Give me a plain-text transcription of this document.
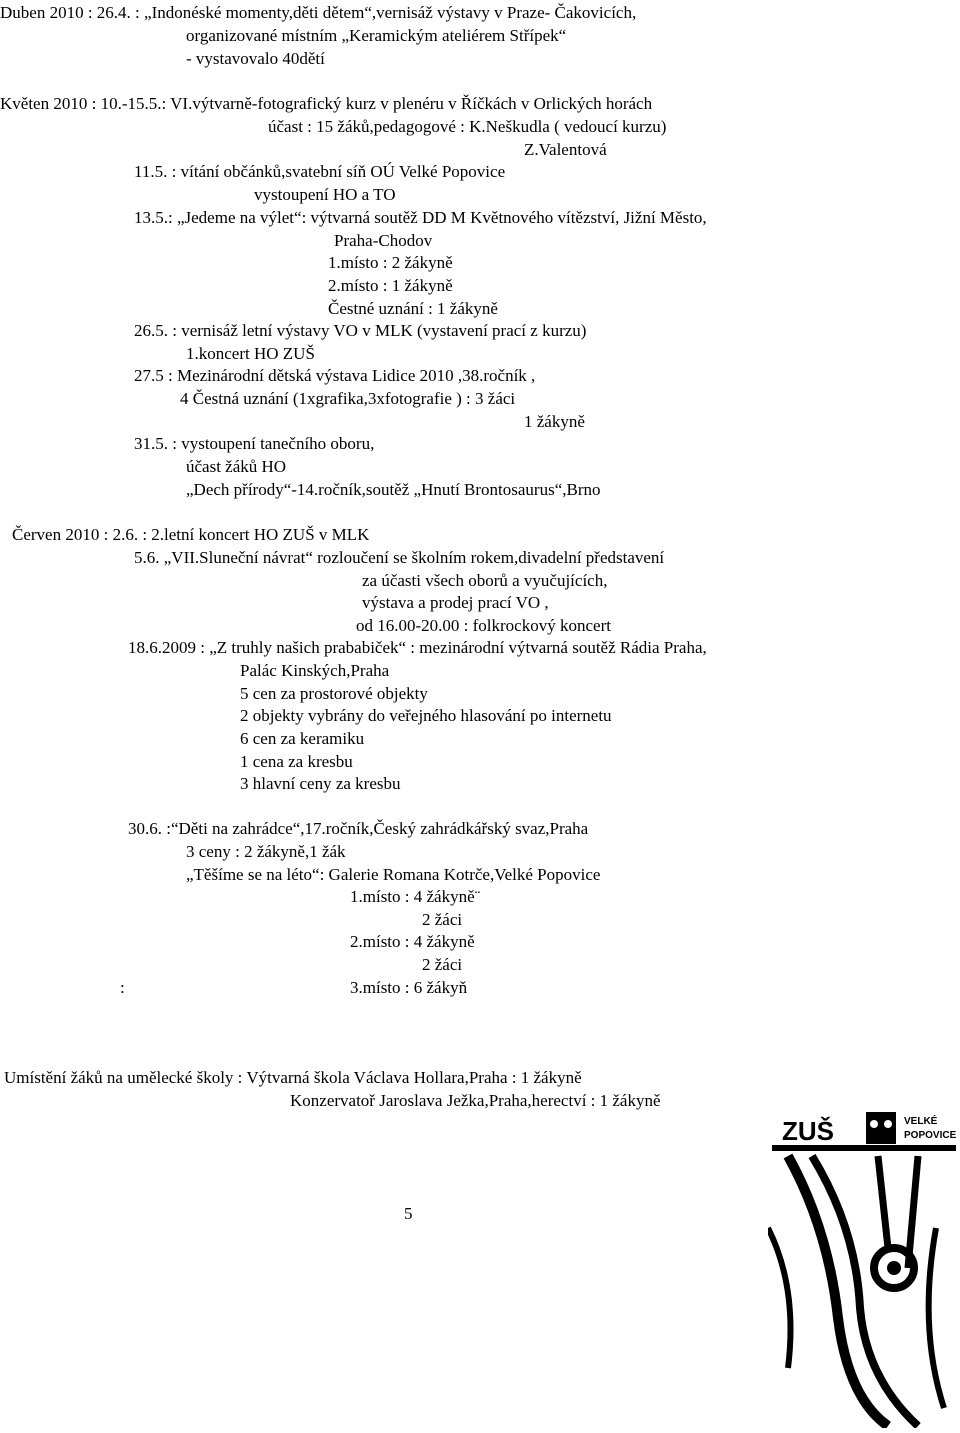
Duben 2010 : 26.4. : „Indonéské momenty,děti dětem“,vernisáž výstavy v Praze- Čakovicích,
organizované místním „Keramickým ateliérem Střípek“
- vystavovalo 40dětí
Květen 2010 : 10.-15.5.: VI.výtvarně-fotografický kurz v plenéru v Říčkách v Orlických horách
účast : 15 žáků,pedagogové : K.Neškudla ( vedoucí kurzu)
Z.Valentová
11.5. : vítání občánků,svatební síň OÚ Velké Popovice
vystoupení HO a TO
13.5.: „Jedeme na výlet“: výtvarná soutěž DD M Květnového vítězství, Jižní Město,
Praha-Chodov
1.místo : 2 žákyně
2.místo : 1 žákyně
Čestné uznání : 1 žákyně
26.5. : vernisáž letní výstavy VO v MLK (vystavení prací z kurzu)
1.koncert HO ZUŠ
27.5 : Mezinárodní dětská výstava Lidice 2010 ,38.ročník ,
4 Čestná uznání (1xgrafika,3xfotografie ) : 3 žáci
1 žákyně
31.5. : vystoupení tanečního oboru,
účast žáků HO
„Dech přírody“-14.ročník,soutěž „Hnutí Brontosaurus“,Brno
Červen 2010 : 2.6. : 2.letní koncert HO ZUŠ v MLK
5.6. „VII.Sluneční návrat“ rozloučení se školním rokem,divadelní představení
za účasti všech oborů a vyučujících,
výstava a prodej prací VO ,
od 16.00-20.00 : folkrockový koncert
18.6.2009 : „Z truhly našich prababiček“ : mezinárodní výtvarná soutěž Rádia Praha,
Palác Kinských,Praha
5 cen za prostorové objekty
2 objekty vybrány do veřejného hlasování po internetu
6 cen za keramiku
1 cena za kresbu
3 hlavní ceny za kresbu
30.6. :“Děti na zahrádce“,17.ročník,Český zahrádkářský svaz,Praha
3 ceny : 2 žákyně,1 žák
„Těšíme se na léto“: Galerie Romana Kotrče,Velké Popovice
1.místo : 4 žákyně¨
2 žáci
2.místo : 4 žákyně
2 žáci
:	3.místo : 6 žákyň
Umístění žáků na umělecké školy : Výtvarná škola Václava Hollara,Praha : 1 žákyně
Konzervatoř Jaroslava Ježka,Praha,herectví : 1 žákyně
5
ZUŠ	VELKÉ
POPOVICE
